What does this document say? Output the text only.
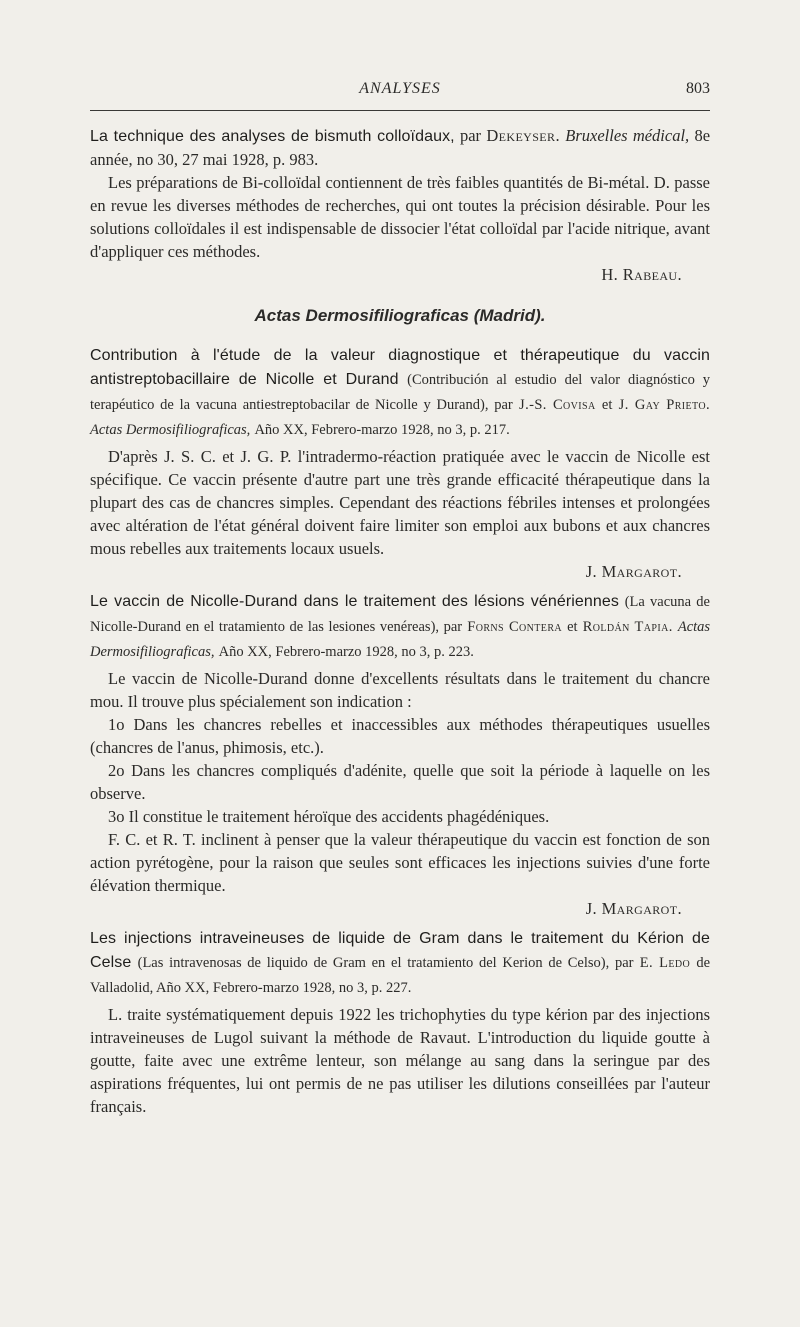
ANALYSES	803

La technique des analyses de bismuth colloïdaux, par Dekeyser. Bruxelles médical, 8e année, no 30, 27 mai 1928, p. 983.

Les préparations de Bi-colloïdal contiennent de très faibles quantités de Bi-métal. D. passe en revue les diverses méthodes de recherches, qui ont toutes la précision désirable. Pour les solutions colloïdales il est indispensable de dissocier l'état colloïdal par l'acide nitrique, avant d'appliquer ces méthodes.

H. Rabeau.

Actas Dermosifiliograficas (Madrid).

Contribution à l'étude de la valeur diagnostique et thérapeutique du vaccin antistreptobacillaire de Nicolle et Durand (Contribución al estudio del valor diagnóstico y terapéutico de la vacuna antiestreptobacilar de Nicolle y Durand), par J.-S. Covisa et J. Gay Prieto. Actas Dermosifiliograficas, Año XX, Febrero-marzo 1928, no 3, p. 217.

D'après J. S. C. et J. G. P. l'intradermo-réaction pratiquée avec le vaccin de Nicolle est spécifique. Ce vaccin présente d'autre part une très grande efficacité thérapeutique dans la plupart des cas de chancres simples. Cependant des réactions fébriles intenses et prolongées avec altération de l'état général doivent faire limiter son emploi aux bubons et aux chancres mous rebelles aux traitements locaux usuels.

J. Margarot.

Le vaccin de Nicolle-Durand dans le traitement des lésions vénériennes (La vacuna de Nicolle-Durand en el tratamiento de las lesiones venéreas), par Forns Contera et Roldán Tapia. Actas Dermosifiliograficas, Año XX, Febrero-marzo 1928, no 3, p. 223.

Le vaccin de Nicolle-Durand donne d'excellents résultats dans le traitement du chancre mou. Il trouve plus spécialement son indication :

1o Dans les chancres rebelles et inaccessibles aux méthodes thérapeutiques usuelles (chancres de l'anus, phimosis, etc.).

2o Dans les chancres compliqués d'adénite, quelle que soit la période à laquelle on les observe.

3o Il constitue le traitement héroïque des accidents phagédéniques.

F. C. et R. T. inclinent à penser que la valeur thérapeutique du vaccin est fonction de son action pyrétogène, pour la raison que seules sont efficaces les injections suivies d'une forte élévation thermique.

J. Margarot.

Les injections intraveineuses de liquide de Gram dans le traitement du Kérion de Celse (Las intravenosas de liquido de Gram en el tratamiento del Kerion de Celso), par E. Ledo de Valladolid, Año XX, Febrero-marzo 1928, no 3, p. 227.

L. traite systématiquement depuis 1922 les trichophyties du type kérion par des injections intraveineuses de Lugol suivant la méthode de Ravaut. L'introduction du liquide goutte à goutte, faite avec une extrême lenteur, son mélange au sang dans la seringue par des aspirations fréquentes, lui ont permis de ne pas utiliser les dilutions conseillées par l'auteur français.
